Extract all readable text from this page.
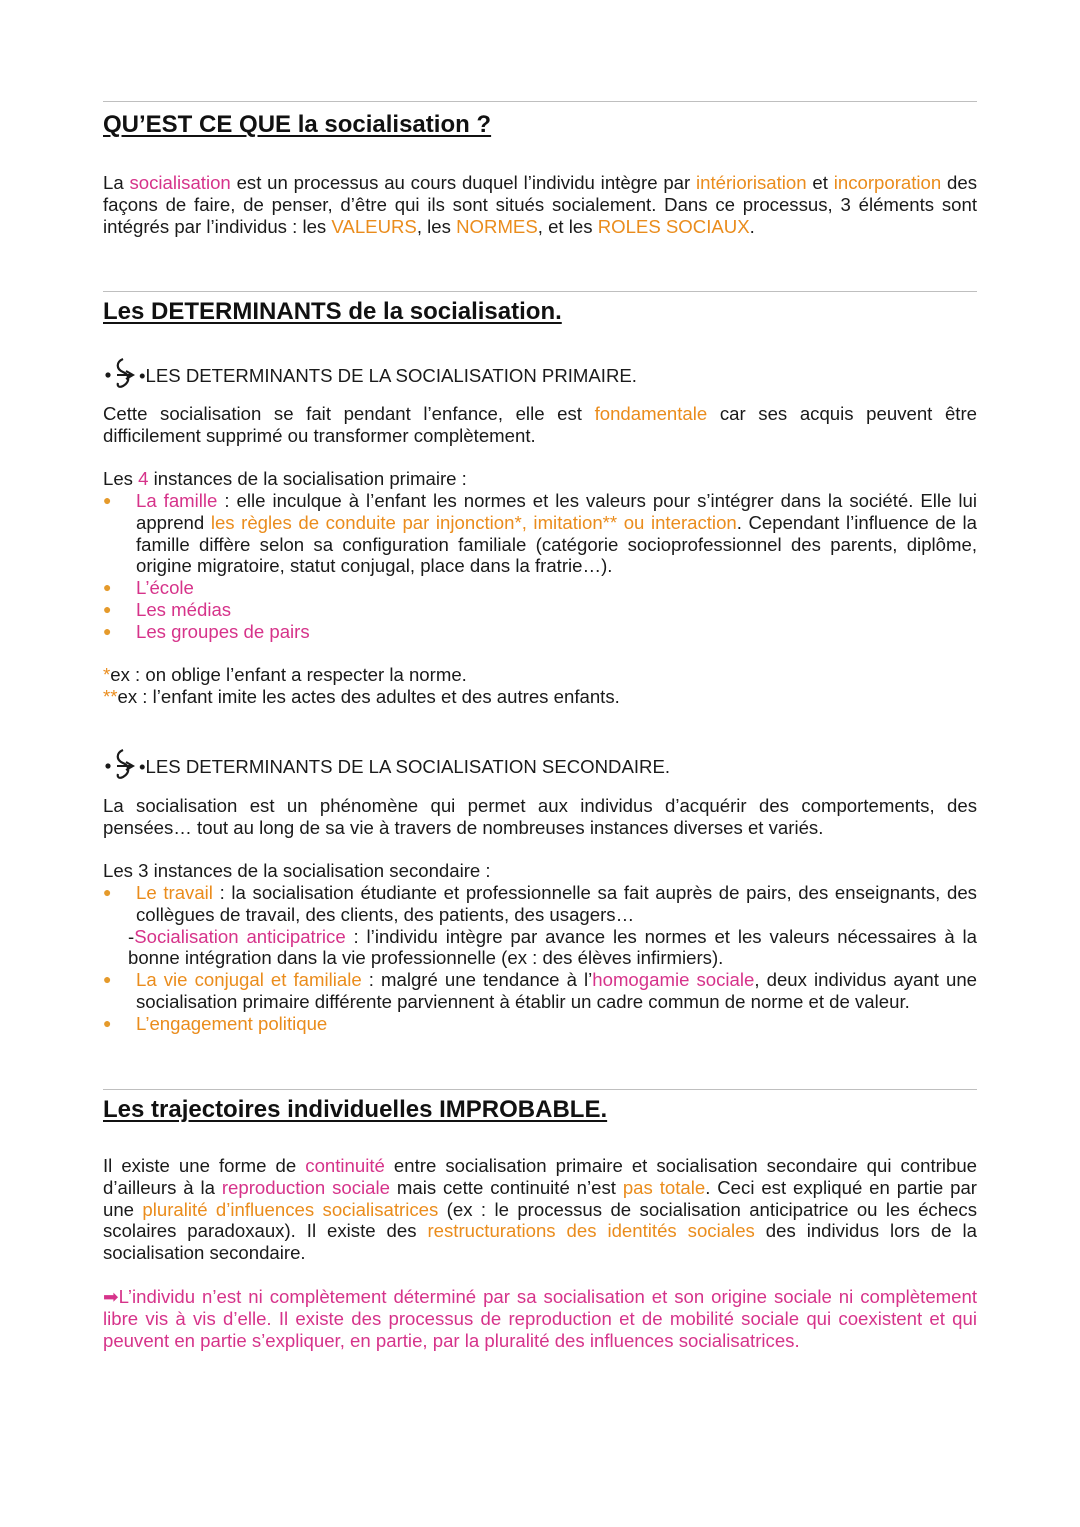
QU’EST CE QUE la socialisation ?

La socialisation est un processus au cours duquel l’individu intègre par intériorisation et incorporation des façons de faire, de penser, d’être qui ils sont situés socialement. Dans ce processus, 3 éléments sont intégrés par l’individus : les VALEURS, les NORMES, et les ROLES SOCIAUX.

Les DETERMINANTS de la socialisation.
•LES DETERMINANTS DE LA SOCIALISATION PRIMAIRE.

Cette socialisation se fait pendant l’enfance, elle est fondamentale car ses acquis peuvent être difficilement supprimé ou transformer complètement.

Les 4 instances de la socialisation primaire :

● La famille : elle inculque à l’enfant les normes et les valeurs pour s’intégrer dans la société. Elle lui apprend les règles de conduite par injonction*, imitation** ou interaction. Cependant l’influence de la famille diffère selon sa configuration familiale (catégorie socioprofessionnel des parents, diplôme, origine migratoire, statut conjugal, place dans la fratrie…).
● L’école
● Les médias
● Les groupes de pairs

*ex : on oblige l’enfant a respecter la norme.

**ex : l’enfant imite les actes des adultes et des autres enfants.

•LES DETERMINANTS DE LA SOCIALISATION SECONDAIRE.

La socialisation est un phénomène qui permet aux individus d’acquérir des comportements, des pensées… tout au long de sa vie à travers de nombreuses instances diverses et variés.

Les 3 instances de la socialisation secondaire :

● Le travail : la socialisation étudiante et professionnelle sa fait auprès de pairs, des enseignants, des collègues de travail, des clients, des patients, des usagers…
-Socialisation anticipatrice : l’individu intègre par avance les normes et les valeurs nécessaires à la bonne intégration dans la vie professionnelle (ex : des élèves infirmiers).
● La vie conjugal et familiale : malgré une tendance à l’homogamie sociale, deux individus ayant une socialisation primaire différente parviennent à établir un cadre commun de norme et de valeur.
● L’engagement politique
Les trajectoires individuelles IMPROBABLE.

Il existe une forme de continuité entre socialisation primaire et socialisation secondaire qui contribue d’ailleurs à la reproduction sociale mais cette continuité n’est pas totale. Ceci est expliqué en partie par une pluralité d’influences socialisatrices (ex : le processus de socialisation anticipatrice ou les échecs scolaires paradoxaux). Il existe des restructurations des identités sociales des individus lors de la socialisation secondaire.

➡L’individu n’est ni complètement déterminé par sa socialisation et son origine sociale ni complètement libre vis à vis d’elle. Il existe des processus de reproduction et de mobilité sociale qui coexistent et qui peuvent en partie s’expliquer, en partie, par la pluralité des influences socialisatrices.
